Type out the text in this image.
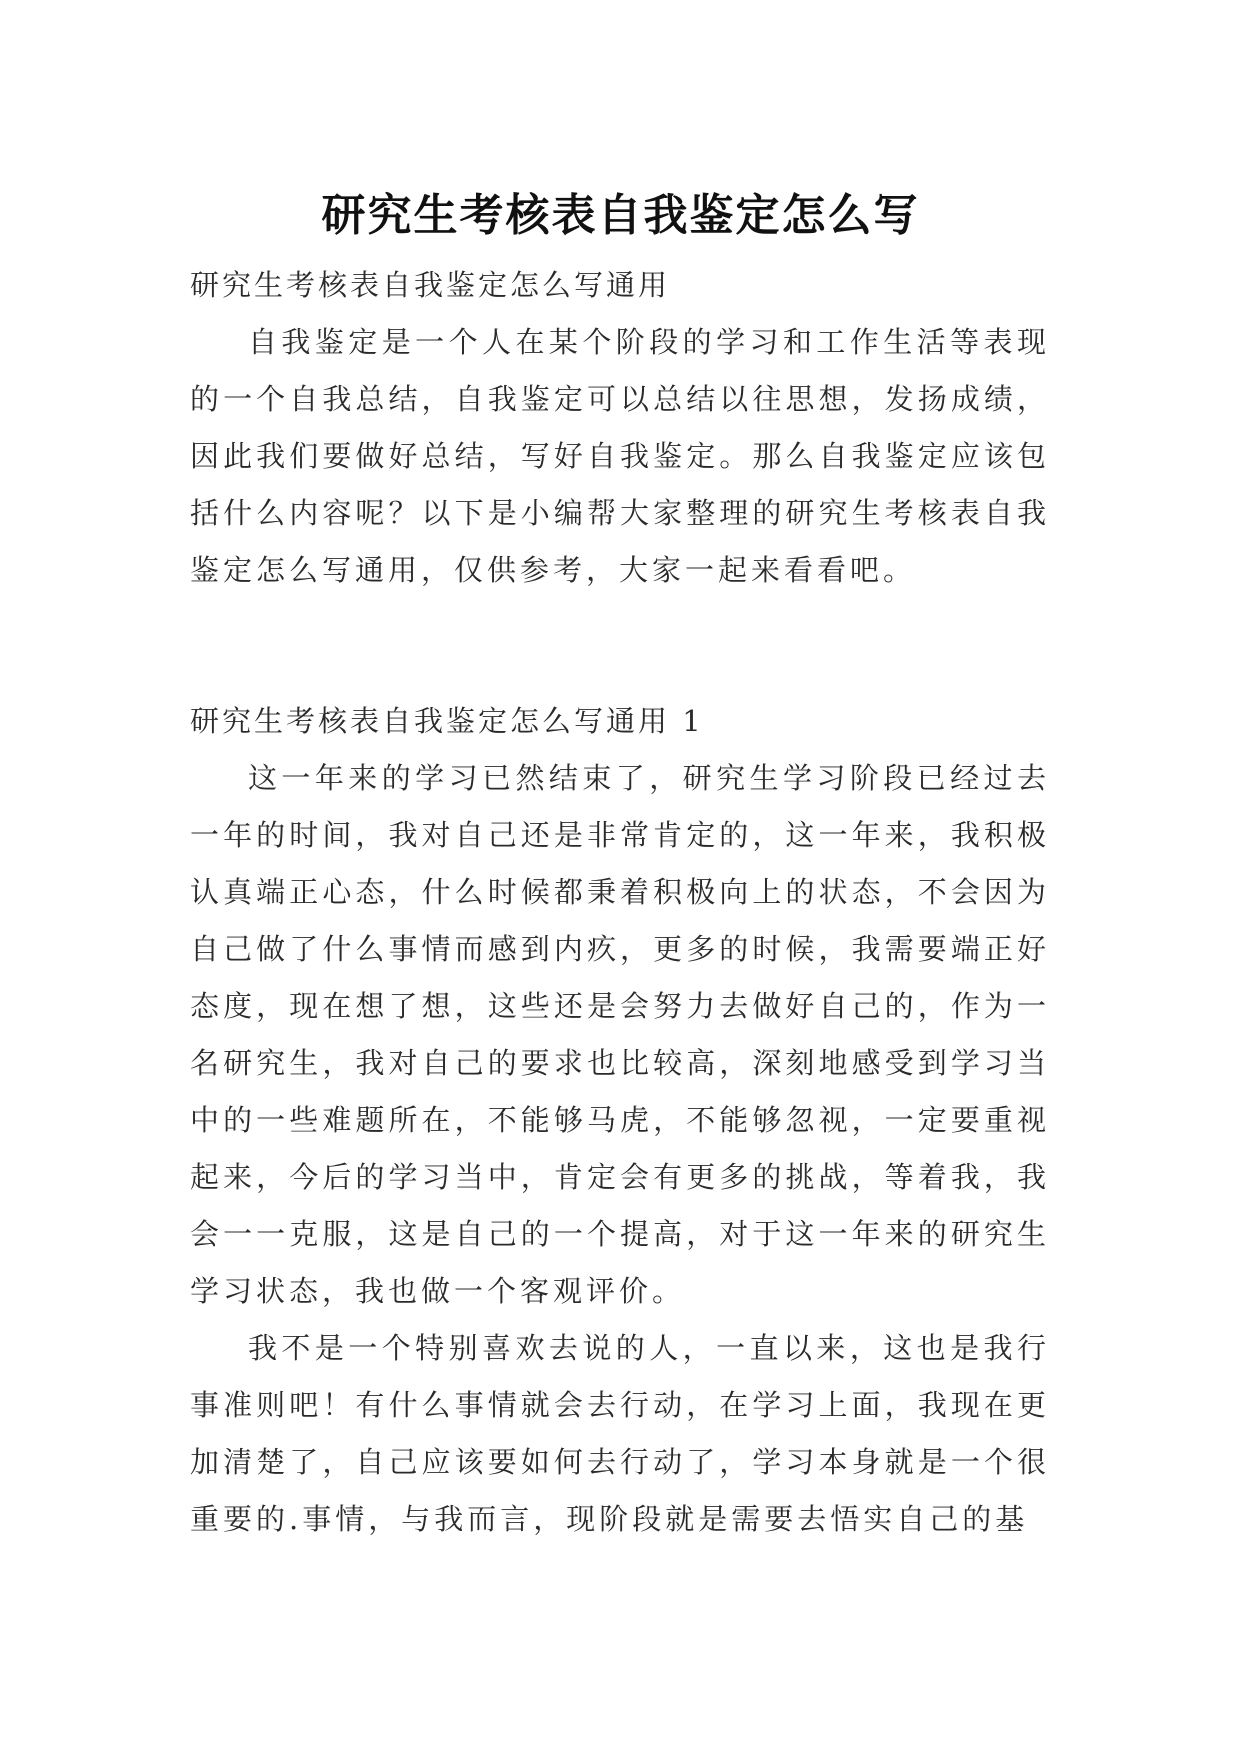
研究生考核表自我鉴定怎么写

研究生考核表自我鉴定怎么写通用

自我鉴定是一个人在某个阶段的学习和工作生活等表现的一个自我总结，自我鉴定可以总结以往思想，发扬成绩，因此我们要做好总结，写好自我鉴定。那么自我鉴定应该包括什么内容呢？以下是小编帮大家整理的研究生考核表自我鉴定怎么写通用，仅供参考，大家一起来看看吧。

研究生考核表自我鉴定怎么写通用 1

这一年来的学习已然结束了，研究生学习阶段已经过去一年的时间，我对自己还是非常肯定的，这一年来，我积极认真端正心态，什么时候都秉着积极向上的状态，不会因为自己做了什么事情而感到内疚，更多的时候，我需要端正好态度，现在想了想，这些还是会努力去做好自己的，作为一名研究生，我对自己的要求也比较高，深刻地感受到学习当中的一些难题所在，不能够马虎，不能够忽视，一定要重视起来，今后的学习当中，肯定会有更多的挑战，等着我，我会一一克服，这是自己的一个提高，对于这一年来的研究生学习状态，我也做一个客观评价。

我不是一个特别喜欢去说的人，一直以来，这也是我行事准则吧！有什么事情就会去行动，在学习上面，我现在更加清楚了，自己应该要如何去行动了，学习本身就是一个很重要的.事情，与我而言，现阶段就是需要去悟实自己的基
